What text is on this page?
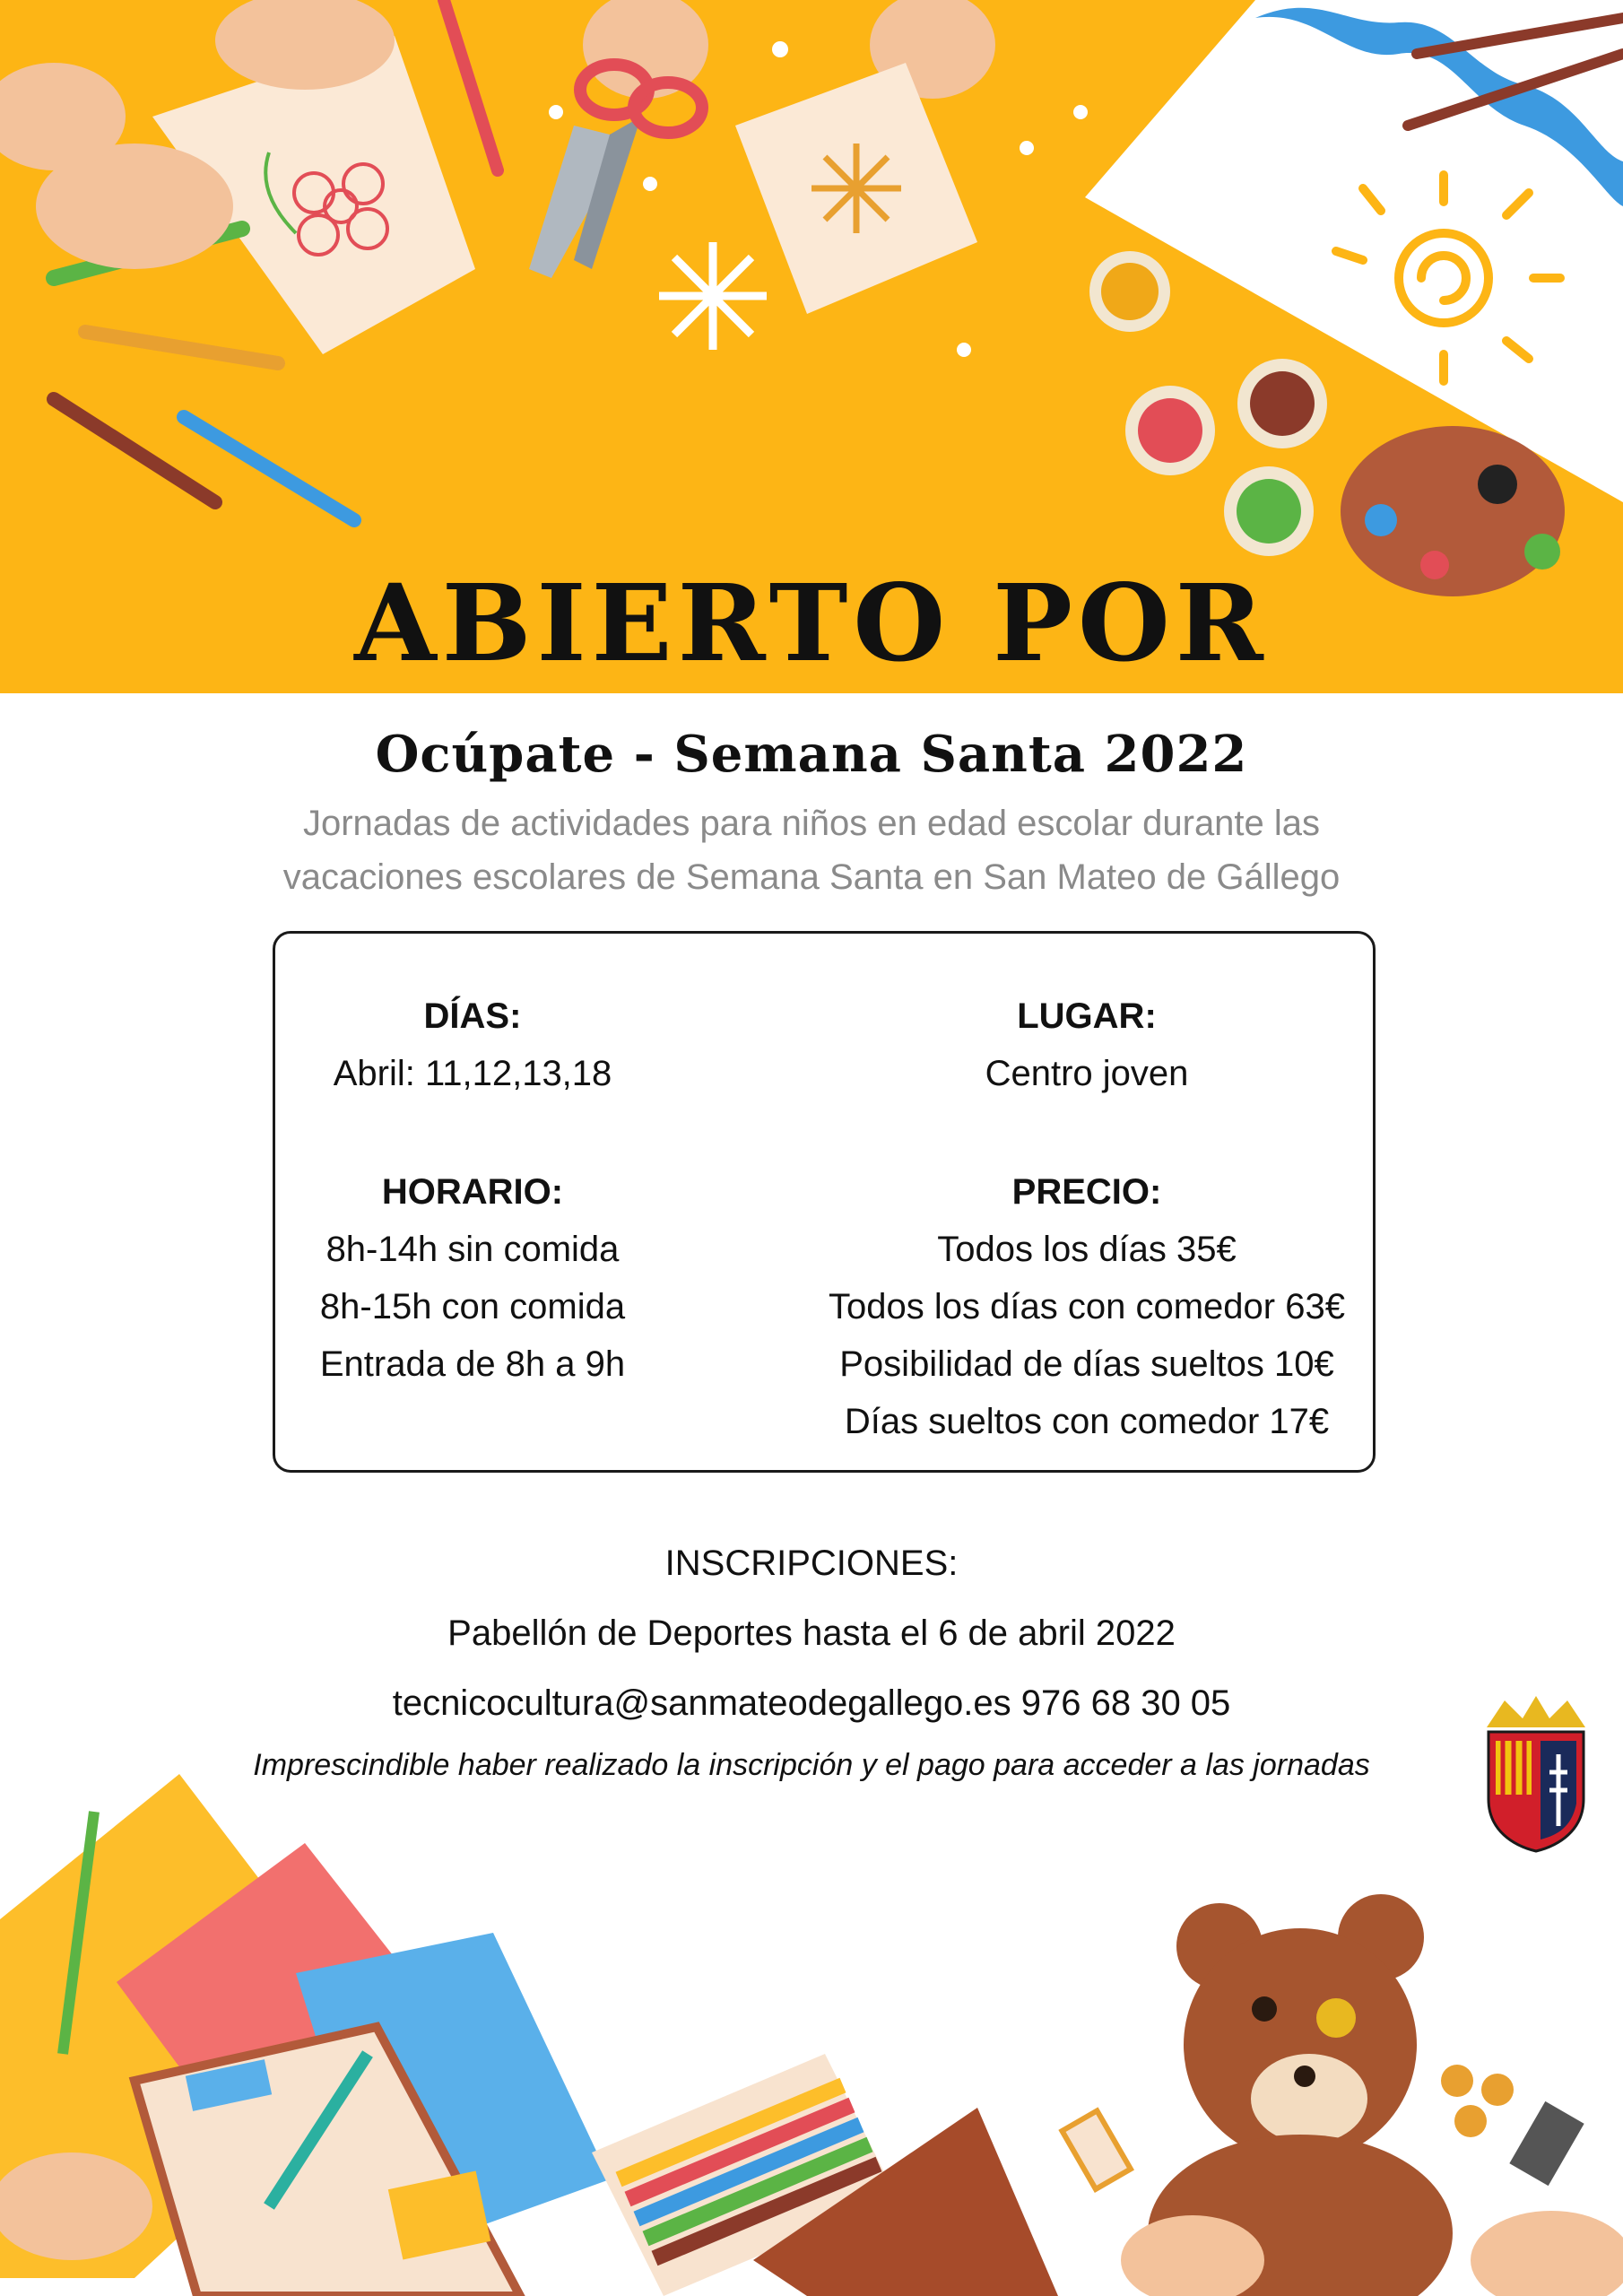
ABIERTO POR
Ocúpate - Semana Santa 2022
Jornadas de actividades para niños en edad escolar durante las
vacaciones escolares de Semana Santa en San Mateo de Gállego
DÍAS:
Abril: 11,12,13,18
LUGAR:
Centro joven
HORARIO:
8h-14h sin comida
8h-15h con comida
Entrada de 8h a 9h
PRECIO:
Todos los días 35€
Todos los días con comedor 63€
Posibilidad de días sueltos 10€
Días sueltos con comedor 17€
INSCRIPCIONES:
Pabellón de Deportes hasta el 6 de abril 2022
tecnicocultura@sanmateodegallego.es 976 68 30 05
Imprescindible haber realizado la inscripción y el pago para acceder a las jornadas
